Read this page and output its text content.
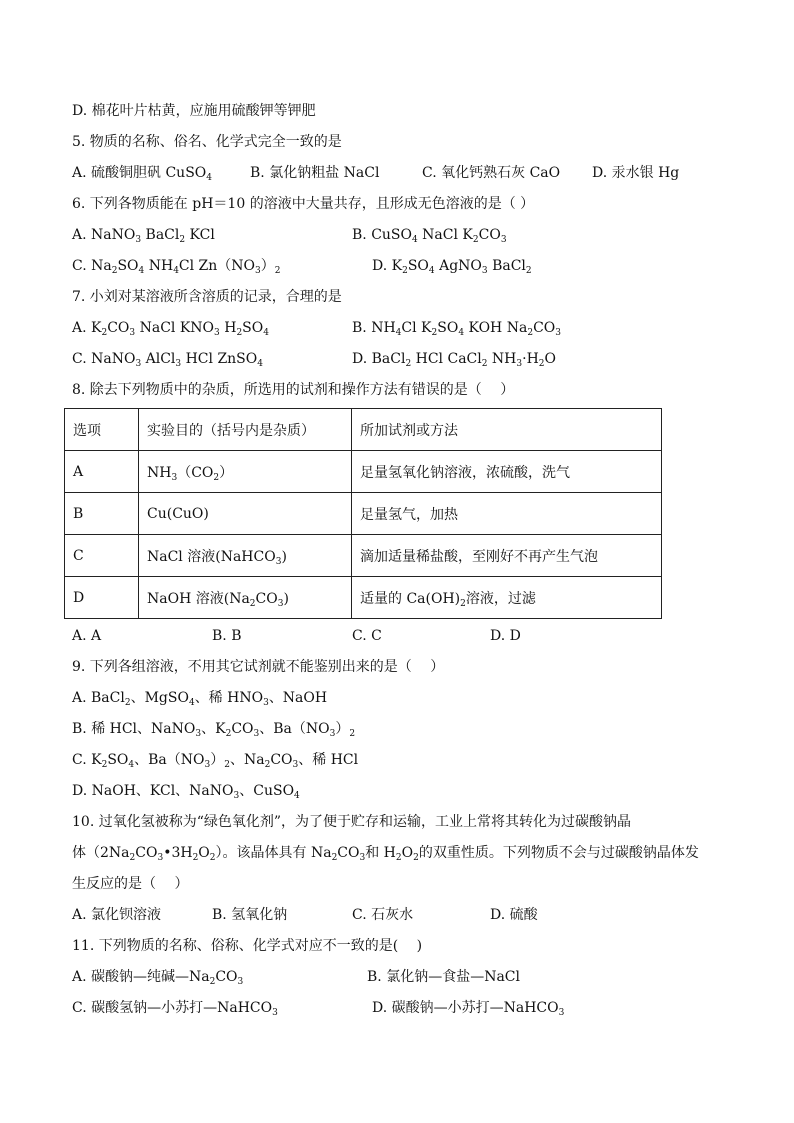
D. 棉花叶片枯黄，应施用硫酸钾等钾肥
5. 物质的名称、俗名、化学式完全一致的是
A. 硫酸铜胆矾 CuSO$_4$	B. 氯化钠粗盐 NaCl	C. 氧化钙熟石灰 CaO D. 汞水银 Hg
6. 下列各物质能在 pH＝10 的溶液中大量共存，且形成无色溶液的是（ ）
A. NaNO$_3$ BaCl$_2$ KCl	B. CuSO$_4$ NaCl $K_2CO_3$
C. $Na_2SO_4$ $NH_4Cl$ $Zn(NO_3)_2$	D. $K_2SO_4$ AgNO$_3$ BaCl$_2$
7. 小刘对某溶液所含溶质的记录，合理的是
A. $K_2CO_3$ NaCl $KNO_3$ $H_2SO_4$	B. $NH_4Cl$ $K_2SO_4$ KOH $Na_2CO_3$
C. NaNO$_3$ AlCl$_3$ HCl ZnSO$_4$	D. BaCl$_2$ HCl CaCl$_2$ $NH_3\cdot H_2O$
8. 除去下列物质中的杂质，所选用的试剂和操作方法有错误的是（　 ）
选项	实验目的（括号内是杂质）	所加试剂或方法
A	$NH_3(CO_2)$	足量氢氧化钠溶液，浓硫酸，洗气
B	Cu(CuO)	足量氢气，加热
C	NaCl 溶液(NaHCO$_3$)	滴加适量稀盐酸，至刚好不再产生气泡
D	NaOH 溶液$(Na_2CO_3)$	适量的 $Ca(OH)_2$溶液，过滤
A. A	B. B	C. C	D. D
9. 下列各组溶液，不用其它试剂就不能鉴别出来的是（　 ）
A. BaCl$_2$、MgSO$_4$、稀 $HNO_3$、NaOH
B. 稀 HCl、NaNO$_3$、$K_2CO_3$、$Ba(NO_3)_2$
C. $K_2SO_4$、$Ba(NO_3)_2$、$Na_2CO_3$、稀 HCl
D. NaOH、KCl、NaNO$_3$、CuSO$_4$
10. 过氧化氢被称为“绿色氧化剂”，为了便于贮存和运输，工业上常将其转化为过碳酸钠晶
体$(2Na_2CO_3•3H_2O_2)$。该晶体具有 $Na_2CO_3$和 $H_2O_2$的双重性质。下列物质不会与过碳酸钠晶体发
生反应的是（　 ）
A. 氯化钡溶液	B. 氢氧化钠	C. 石灰水	D. 硫酸
11. 下列物质的名称、俗称、化学式对应不一致的是(　 )
A. 碳酸钠—纯碱$—Na_2CO_3$	B. 氯化钠—食盐—NaCl
C. 碳酸氢钠—小苏打—NaHCO$_3$	D. 碳酸钠—小苏打—NaHCO$_3$
